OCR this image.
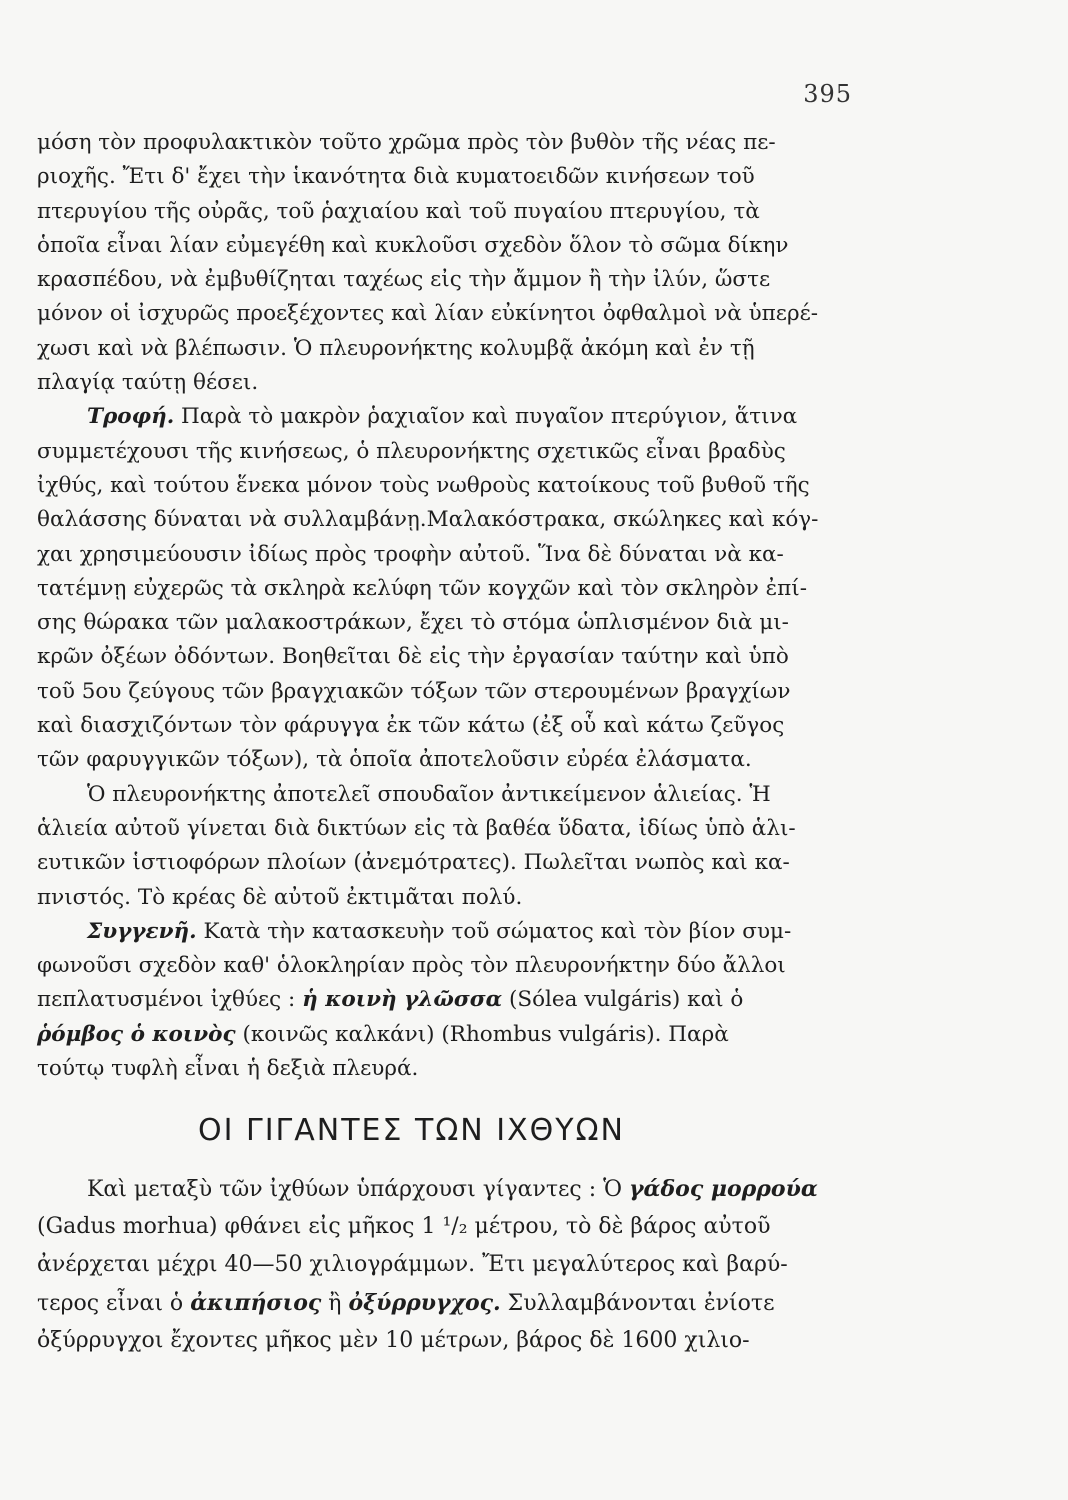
395
μόση τὸν προφυλακτικὸν τοῦτο χρῶμα πρὸς τὸν βυθὸν τῆς νέας πε-
ριοχῆς. Ἔτι δ' ἔχει τὴν ἱκανότητα διὰ κυματοειδῶν κινήσεων τοῦ
πτερυγίου τῆς οὐρᾶς, τοῦ ῥαχιαίου καὶ τοῦ πυγαίου πτερυγίου, τὰ
ὁποῖα εἶναι λίαν εὐμεγέθη καὶ κυκλοῦσι σχεδὸν ὅλον τὸ σῶμα δίκην
κρασπέδου, νὰ ἐμβυθίζηται ταχέως εἰς τὴν ἄμμον ἢ τὴν ἰλύν, ὥστε
μόνον οἱ ἰσχυρῶς προεξέχοντες καὶ λίαν εὐκίνητοι ὀφθαλμοὶ νὰ ὑπερέ-
χωσι καὶ νὰ βλέπωσιν. Ὁ πλευρονήκτης κολυμβᾷ ἀκόμη καὶ ἐν τῇ
πλαγίᾳ ταύτῃ θέσει.
Τροφή. Παρὰ τὸ μακρὸν ῥαχιαῖον καὶ πυγαῖον πτερύγιον, ἅτινα
συμμετέχουσι τῆς κινήσεως, ὁ πλευρονήκτης σχετικῶς εἶναι βραδὺς
ἰχθύς, καὶ τούτου ἕνεκα μόνον τοὺς νωθροὺς κατοίκους τοῦ βυθοῦ τῆς
θαλάσσης δύναται νὰ συλλαμβάνῃ.Μαλακόστρακα, σκώληκες καὶ κόγ-
χαι χρησιμεύουσιν ἰδίως πρὸς τροφὴν αὐτοῦ. Ἵνα δὲ δύναται νὰ κα-
τατέμνῃ εὐχερῶς τὰ σκληρὰ κελύφη τῶν κογχῶν καὶ τὸν σκληρὸν ἐπί-
σης θώρακα τῶν μαλακοστράκων, ἔχει τὸ στόμα ὡπλισμένον διὰ μι-
κρῶν ὀξέων ὀδόντων. Βοηθεῖται δὲ εἰς τὴν ἐργασίαν ταύτην καὶ ὑπὸ
τοῦ 5ου ζεύγους τῶν βραγχιακῶν τόξων τῶν στερουμένων βραγχίων
καὶ διασχιζόντων τὸν φάρυγγα ἐκ τῶν κάτω (ἐξ οὗ καὶ κάτω ζεῦγος
τῶν φαρυγγικῶν τόξων), τὰ ὁποῖα ἀποτελοῦσιν εὐρέα ἐλάσματα.
Ὁ πλευρονήκτης ἀποτελεῖ σπουδαῖον ἀντικείμενον ἁλιείας. Ἡ
ἁλιεία αὐτοῦ γίνεται διὰ δικτύων εἰς τὰ βαθέα ὕδατα, ἰδίως ὑπὸ ἁλι-
ευτικῶν ἱστιοφόρων πλοίων (ἀνεμότρατες). Πωλεῖται νωπὸς καὶ κα-
πνιστός. Τὸ κρέας δὲ αὐτοῦ ἐκτιμᾶται πολύ.
Συγγενῆ. Κατὰ τὴν κατασκευὴν τοῦ σώματος καὶ τὸν βίον συμ-
φωνοῦσι σχεδὸν καθ' ὁλοκληρίαν πρὸς τὸν πλευρονήκτην δύο ἄλλοι
πεπλατυσμένοι ἰχθύες : ἡ κοινὴ γλῶσσα (Sólea vulgáris) καὶ ὁ
ῥόμβος ὁ κοινὸς (κοινῶς καλκάνι) (Rhombus vulgáris). Παρὰ
τούτῳ τυφλὴ εἶναι ἡ δεξιὰ πλευρά.
ΟΙ ΓΙΓΑΝΤΕΣ ΤΩΝ ΙΧΘΥΩΝ
Καὶ μεταξὺ τῶν ἰχθύων ὑπάρχουσι γίγαντες : Ὁ γάδος μορρούα
(Gadus morhua) φθάνει εἰς μῆκος 1 ¹/₂ μέτρου, τὸ δὲ βάρος αὐτοῦ
ἀνέρχεται μέχρι 40—50 χιλιογράμμων. Ἔτι μεγαλύτερος καὶ βαρύ-
τερος εἶναι ὁ ἀκιπήσιος ἢ ὀξύρρυγχος. Συλλαμβάνονται ἐνίοτε
ὀξύρρυγχοι ἔχοντες μῆκος μὲν 10 μέτρων, βάρος δὲ 1600 χιλιο-
